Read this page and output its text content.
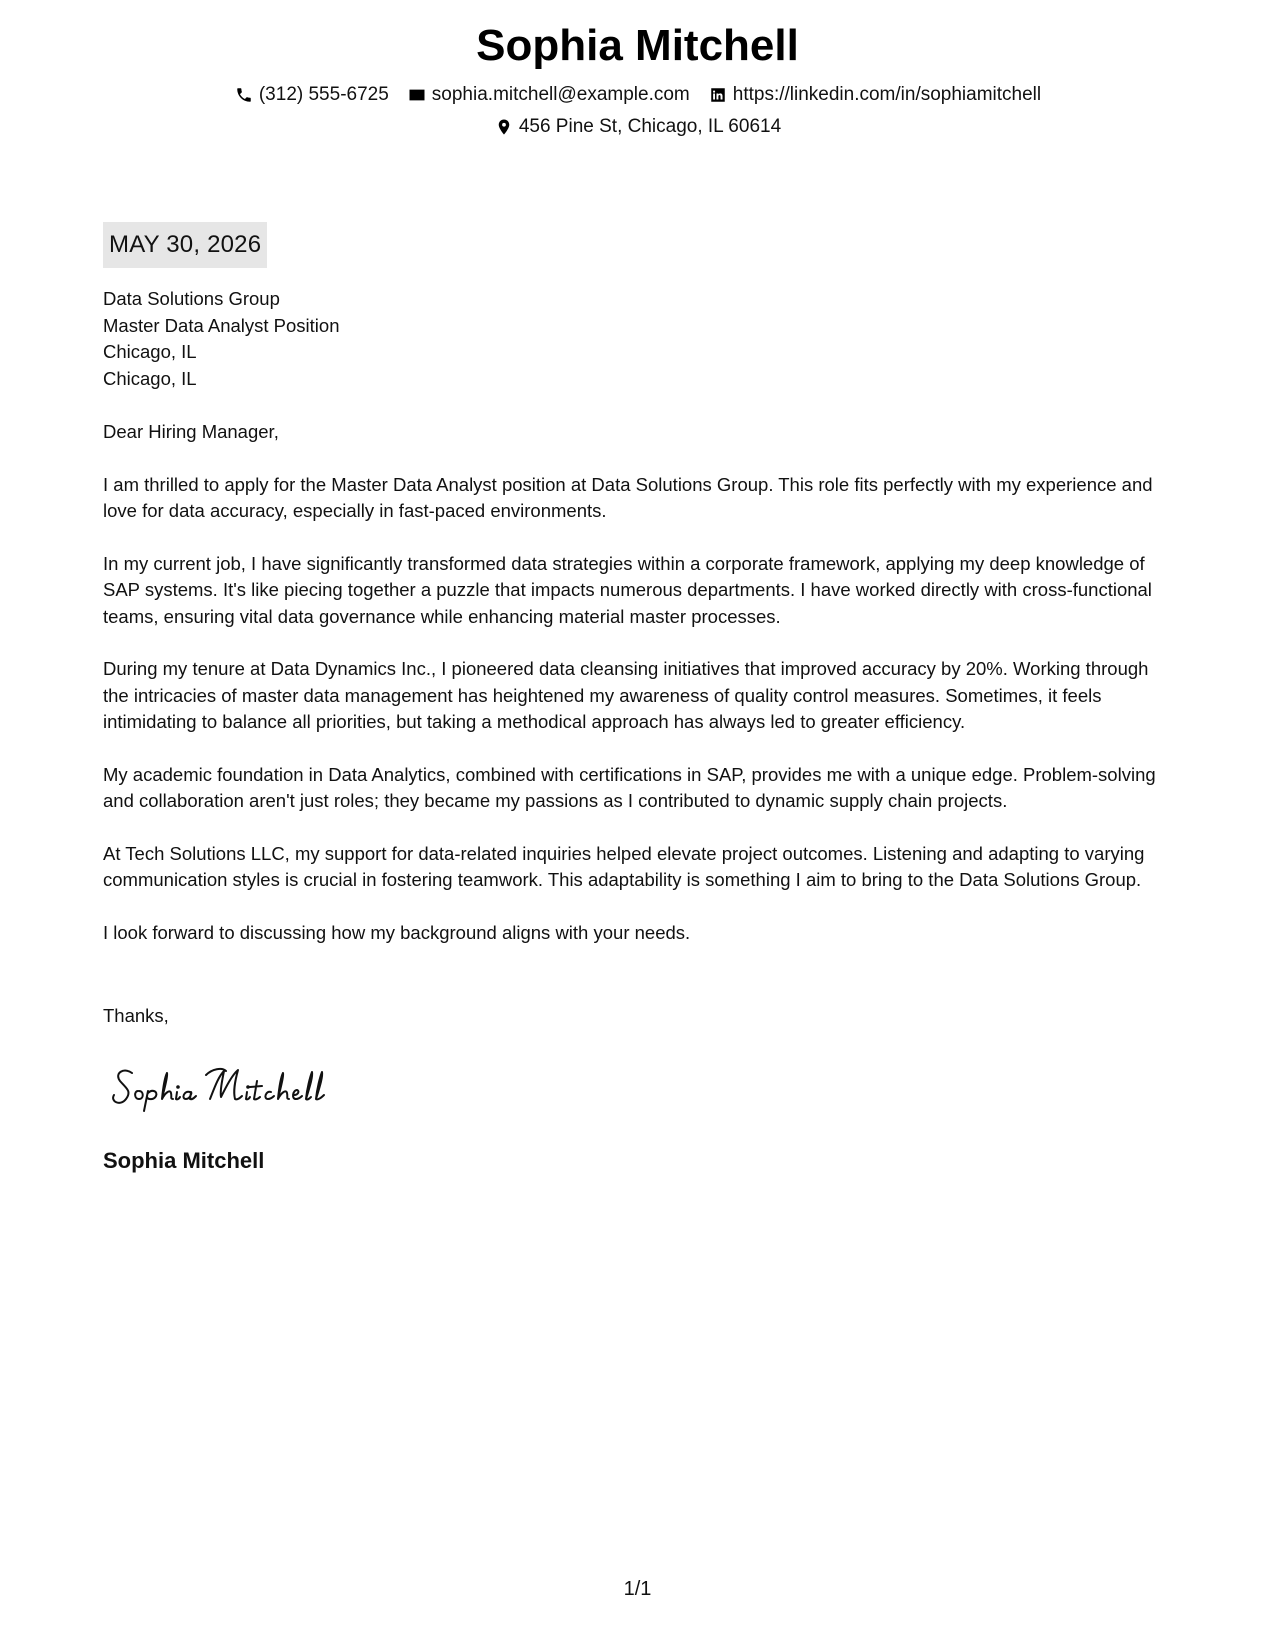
Sophia Mitchell
(312) 555-6725 sophia.mitchell@example.com https://linkedin.com/in/sophiamitchell
456 Pine St, Chicago, IL 60614
MAY 30, 2026
Data Solutions Group
Master Data Analyst Position
Chicago, IL
Chicago, IL

Dear Hiring Manager,

I am thrilled to apply for the Master Data Analyst position at Data Solutions Group. This role fits perfectly with my experience and love for data accuracy, especially in fast-paced environments.

In my current job, I have significantly transformed data strategies within a corporate framework, applying my deep knowledge of SAP systems. It's like piecing together a puzzle that impacts numerous departments. I have worked directly with cross-functional teams, ensuring vital data governance while enhancing material master processes.

During my tenure at Data Dynamics Inc., I pioneered data cleansing initiatives that improved accuracy by 20%. Working through the intricacies of master data management has heightened my awareness of quality control measures. Sometimes, it feels intimidating to balance all priorities, but taking a methodical approach has always led to greater efficiency.

My academic foundation in Data Analytics, combined with certifications in SAP, provides me with a unique edge. Problem-solving and collaboration aren't just roles; they became my passions as I contributed to dynamic supply chain projects.

At Tech Solutions LLC, my support for data-related inquiries helped elevate project outcomes. Listening and adapting to varying communication styles is crucial in fostering teamwork. This adaptability is something I aim to bring to the Data Solutions Group.

I look forward to discussing how my background aligns with your needs.

Thanks,
Sophia Mitchell
1/1
